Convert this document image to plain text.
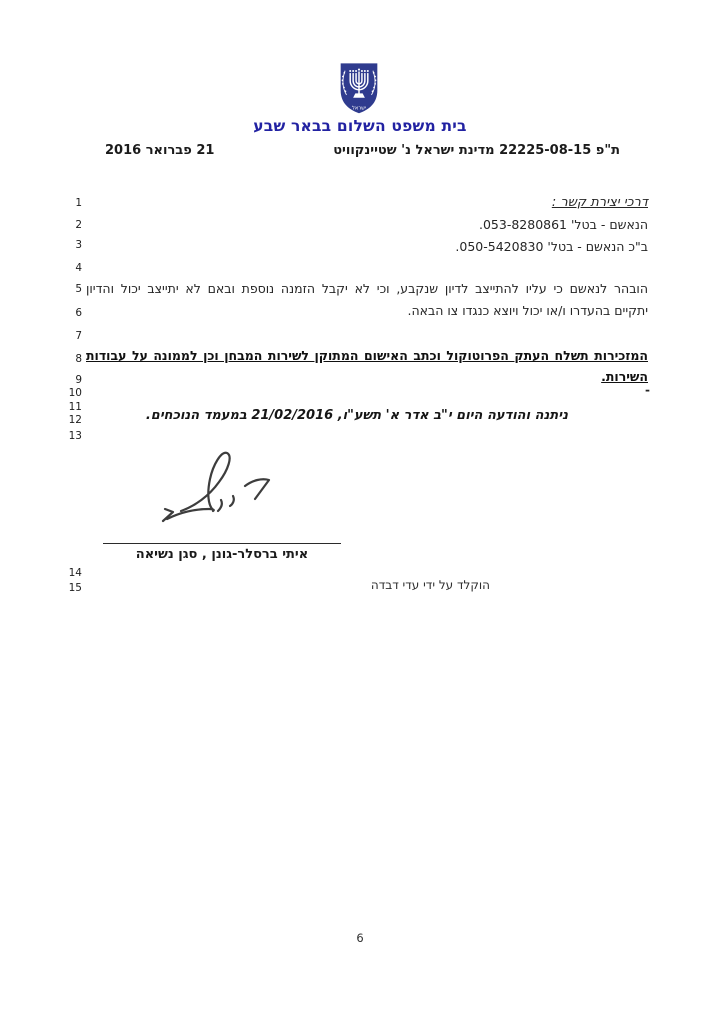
ישראל
בית משפט השלום בבאר שבע
ת"פ 22225-08-15 מדינת ישראל נ' שטיינקוויט
21 פברואר 2016
1
2
3
4
5
6
7
8
9
10
11
12
13
14
15
דרכי יצירת קשר :
הנאשם - בטל' 053-8280861.
ב"כ הנאשם - בטל' 050-5420830.
הובהר לנאשם כי עליו להתייצב לדיון שנקבע, וכי לא יקבל הזמנה נוספת ובאם לא יתייצב יכול והדיון
יתקיים בהעדרו ו/או יכול ויוצא כנגדו צו הבאה.
המזכירות תשלח העתק הפרוטוקול וכתב האישום המתוקן לשירות המבחן וכן לממונה על עבודות
השירות.
-
ניתנה והודעה היום י"ב אדר א' תשע"ו, 21/02/2016 במעמד הנוכחים.
איתי ברסלר-גונן , סגן נשיאה
הוקלד על ידי עדי דבדה
6
